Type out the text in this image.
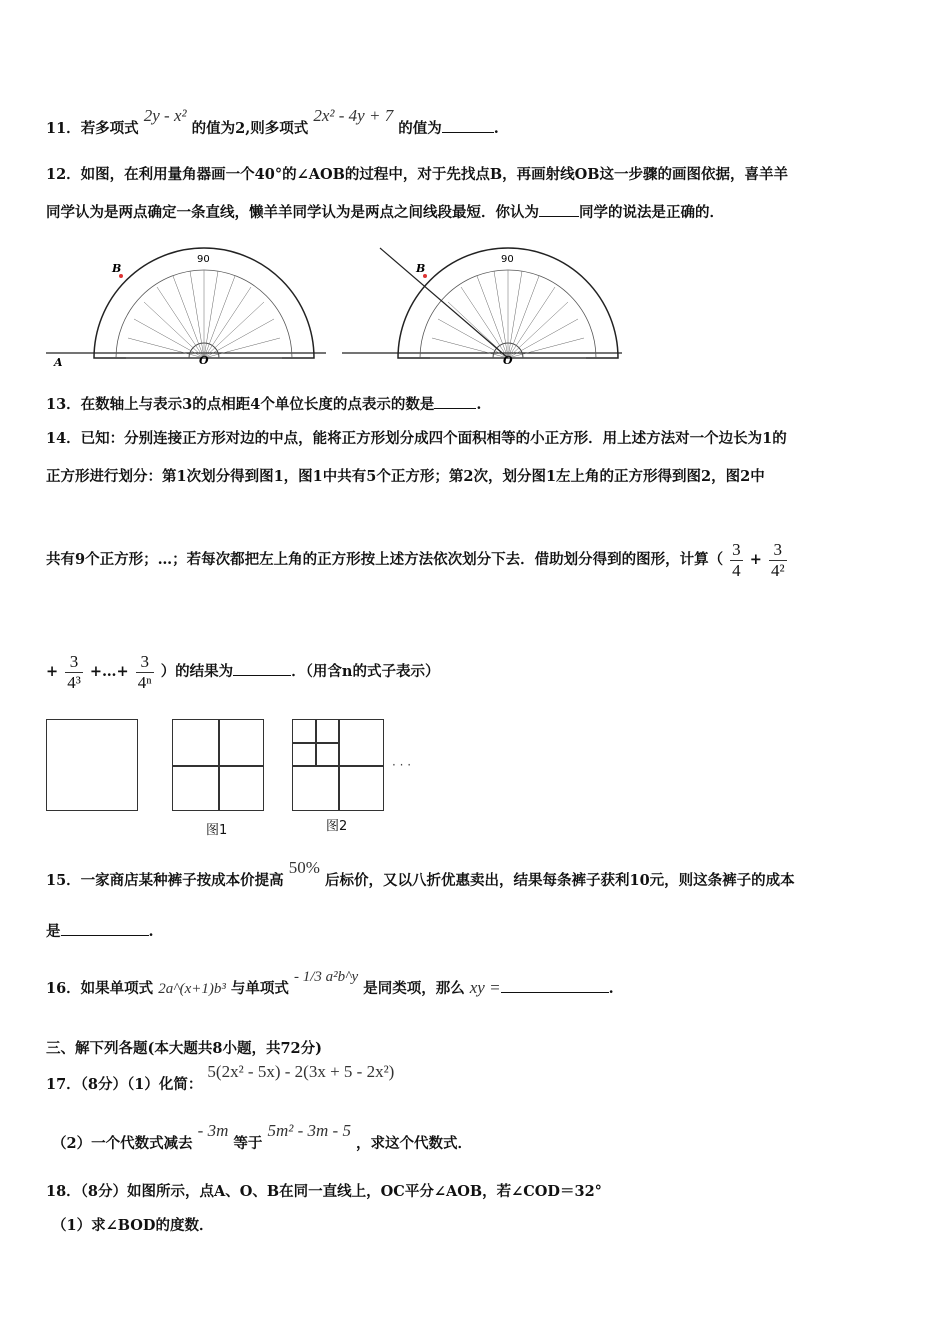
11．若多项式 2y - x² 的值为2,则多项式 2x² - 4y + 7 的值为	.
12．如图，在利用量角器画一个40°的∠AOB的过程中，对于先找点B，再画射线OB这一步骤的画图依据，喜羊羊
同学认为是两点确定一条直线，懒羊羊同学认为是两点之间线段最短．你认为	同学的说法是正确的．
B
A	O
90
B
O
90
13．在数轴上与表示3的点相距4个单位长度的点表示的数是	.
14．已知：分别连接正方形对边的中点，能将正方形划分成四个面积相等的小正方形．用上述方法对一个边长为1的
正方形进行划分：第1次划分得到图1，图1中共有5个正方形；第2次，划分图1左上角的正方形得到图2，图2中
共有9个正方形；…；若每次都把左上角的正方形按上述方法依次划分下去．借助划分得到的图形，计算（ $\frac{3}{4} + \frac{3}{\text{4²}}$
+ $\frac{3}{\text{4³}}$ +…+ $\frac{3}{\text{4ⁿ}}$ ）的结果为	．（用含n的式子表示）
· · ·
图1	图2
15．一家商店某种裤子按成本价提高 50% 后标价，又以八折优惠卖出，结果每条裤子获利10元，则这条裤子的成本
是	.
16．如果单项式 2a^(x+1)b³ 与单项式 - 1/3 a²b^y 是同类项，那么 xy =	.
三、解下列各题(本大题共8小题，共72分)
17．（8分）（1）化简： 5(2x² - 5x) - 2(3x + 5 - 2x²)
（2）一个代数式减去 - 3m 等于 5m² - 3m - 5 ，求这个代数式．
18．（8分）如图所示，点A、O、B在同一直线上，OC平分∠AOB，若∠COD＝32°
（1）求∠BOD的度数．
